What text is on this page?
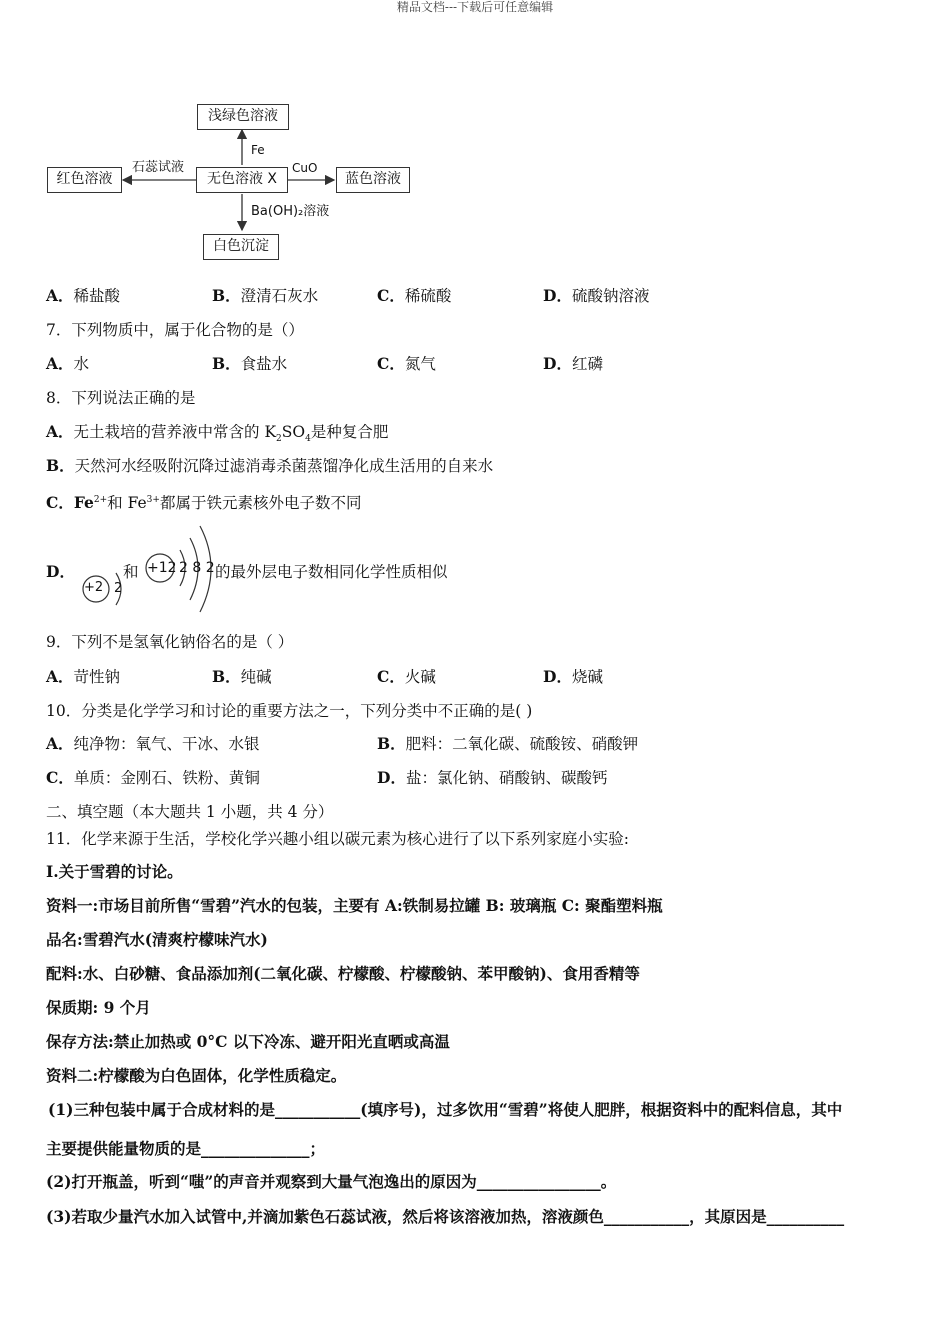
精品文档---下载后可任意编辑
浅绿色溶液
无色溶液 X
红色溶液	蓝色溶液
白色沉淀
Fe
石蕊试液	CuO
Ba(OH)₂溶液
A．稀盐酸	B．澄清石灰水	C．稀硫酸	D．硫酸钠溶液
7．下列物质中，属于化合物的是（）
A．水	B．食盐水	C．氮气	D．红磷
8．下列说法正确的是
A．无土栽培的营养液中常含的 $K_2SO_4$是种复合肥
B．天然河水经吸附沉降过滤消毒杀菌蒸馏净化成生活用的自来水
C．$Fe^{2+}$和 $Fe^{3+}$都属于铁元素核外电子数不同
D．
+2 2
和 +12 2 8 2 的最外层电子数相同化学性质相似
9．下列不是氢氧化钠俗名的是（ ）
A．苛性钠	B．纯碱	C．火碱	D．烧碱
10．分类是化学学习和讨论的重要方法之一，下列分类中不正确的是( )
A．纯净物：氧气、干冰、水银	B．肥料：二氧化碳、硫酸铵、硝酸钾
C．单质：金刚石、铁粉、黄铜	D．盐：氯化钠、硝酸钠、碳酸钙
二、填空题（本大题共 1 小题，共 4 分）
11．化学来源于生活，学校化学兴趣小组以碳元素为核心进行了以下系列家庭小实验:
I.关于雪碧的讨论。
资料一:市场目前所售“雪碧”汽水的包装，主要有 A:铁制易拉罐 B: 玻璃瓶 C: 聚酯塑料瓶
品名:雪碧汽水(清爽柠檬味汽水)
配料:水、白砂糖、食品添加剂(二氧化碳、柠檬酸、柠檬酸钠、苯甲酸钠)、食用香精等
保质期: 9 个月
保存方法:禁止加热或 0°C 以下冷冻、避开阳光直晒或高温
资料二:柠檬酸为白色固体，化学性质稳定。
(1)三种包装中属于合成材料的是___________(填序号)，过多饮用“雪碧”将使人肥胖，根据资料中的配料信息，其中
主要提供能量物质的是______________；
(2)打开瓶盖，听到“嗤”的声音并观察到大量气泡逸出的原因为________________。
(3)若取少量汽水加入试管中,并滴加紫色石蕊试液，然后将该溶液加热，溶液颜色___________，其原因是__________
